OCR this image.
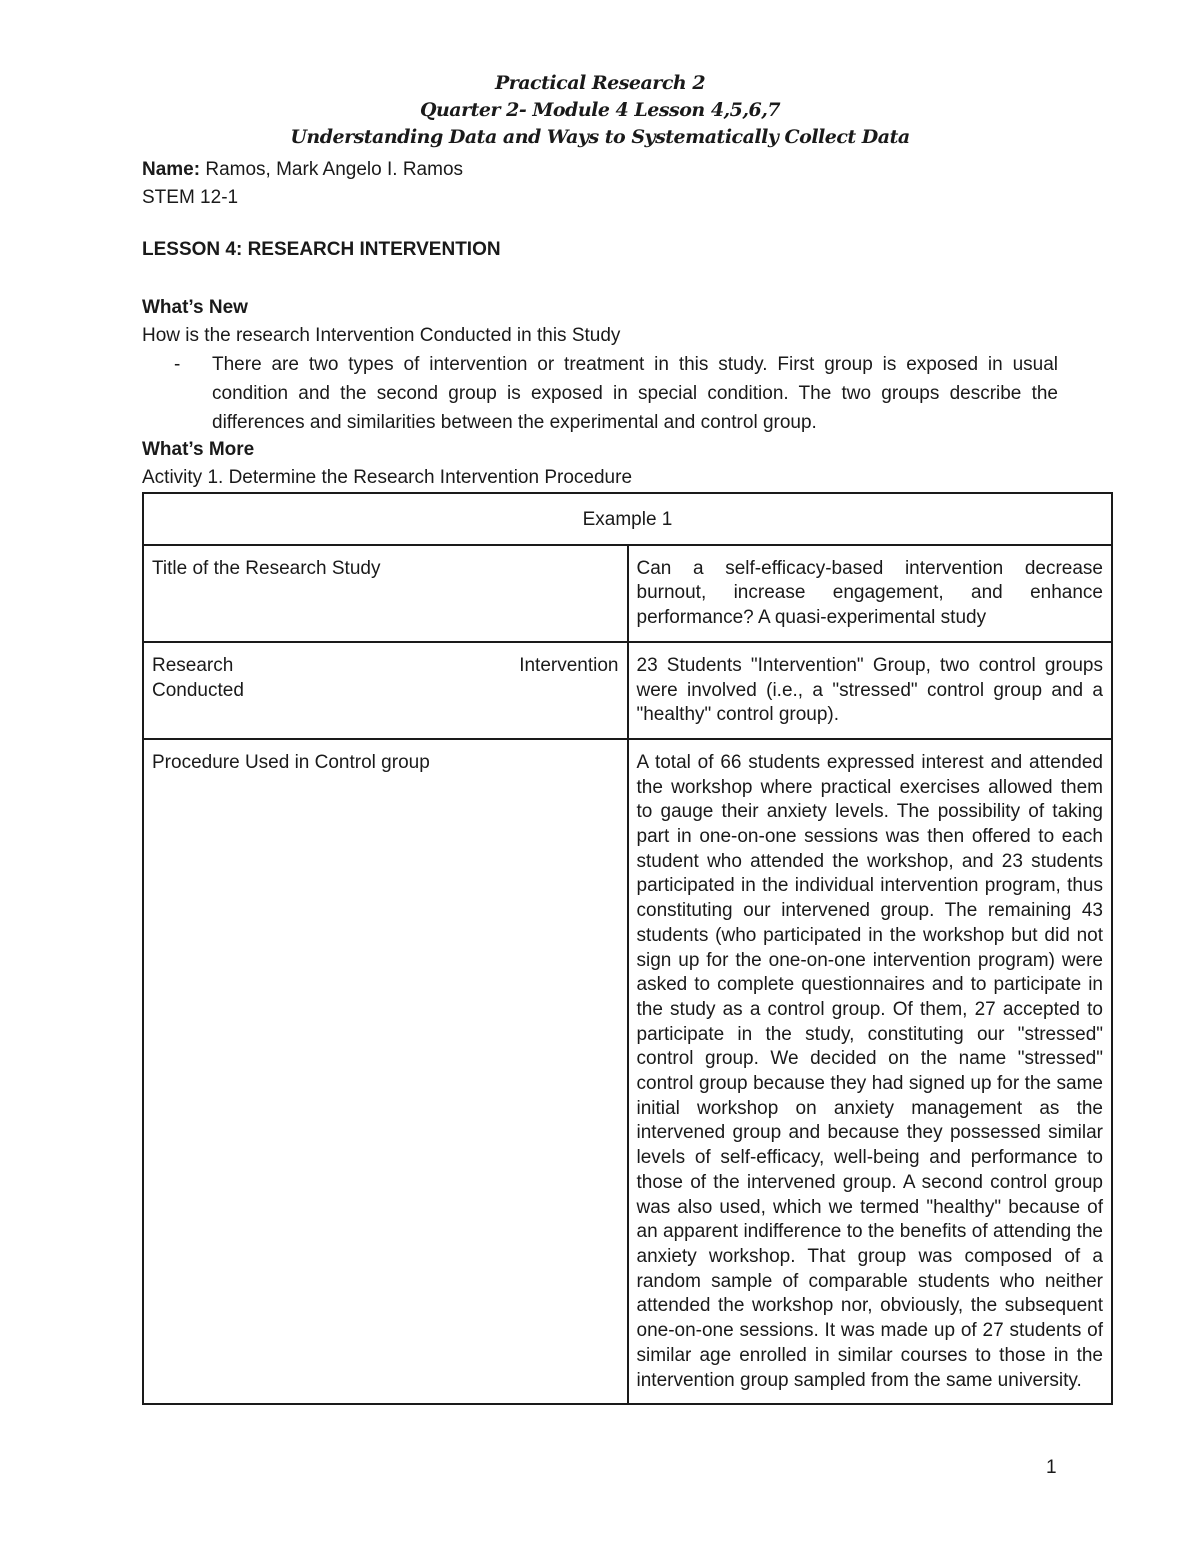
Practical Research 2
Quarter 2- Module 4 Lesson 4,5,6,7
Understanding Data and Ways to Systematically Collect Data
Name: Ramos, Mark Angelo I. Ramos
STEM 12-1
LESSON 4: RESEARCH INTERVENTION
What’s New
How is the research Intervention Conducted in this Study
- There are two types of intervention or treatment in this study. First group is exposed in usual condition and the second group is exposed in special condition. The two groups describe the differences and similarities between the experimental and control group.
What’s More
Activity 1. Determine the Research Intervention Procedure
Example 1	
Title of the Research Study	Can a self-efficacy-based intervention decrease burnout, increase engagement, and enhance performance? A quasi-experimental study

Research Intervention
Conducted	23 Students "Intervention" Group, two control groups were involved (i.e., a "stressed" control group and a "healthy" control group).
Procedure Used in Control group	A total of 66 students expressed interest and attended the workshop where practical exercises allowed them to gauge their anxiety levels. The possibility of taking part in one-on-one sessions was then offered to each student who attended the workshop, and 23 students participated in the individual intervention program, thus constituting our intervened group. The remaining 43 students (who participated in the workshop but did not sign up for the one-on-one intervention program) were asked to complete questionnaires and to participate in the study as a control group. Of them, 27 accepted to participate in the study, constituting our "stressed" control group. We decided on the name "stressed" control group because they had signed up for the same initial workshop on anxiety management as the intervened group and because they possessed similar levels of self-efficacy, well-being and performance to those of the intervened group. A second control group was also used, which we termed "healthy" because of an apparent indifference to the benefits of attending the anxiety workshop. That group was composed of a random sample of comparable students who neither attended the workshop nor, obviously, the subsequent one-on-one sessions. It was made up of 27 students of similar age enrolled in similar courses to those in the intervention group sampled from the same university.
1
